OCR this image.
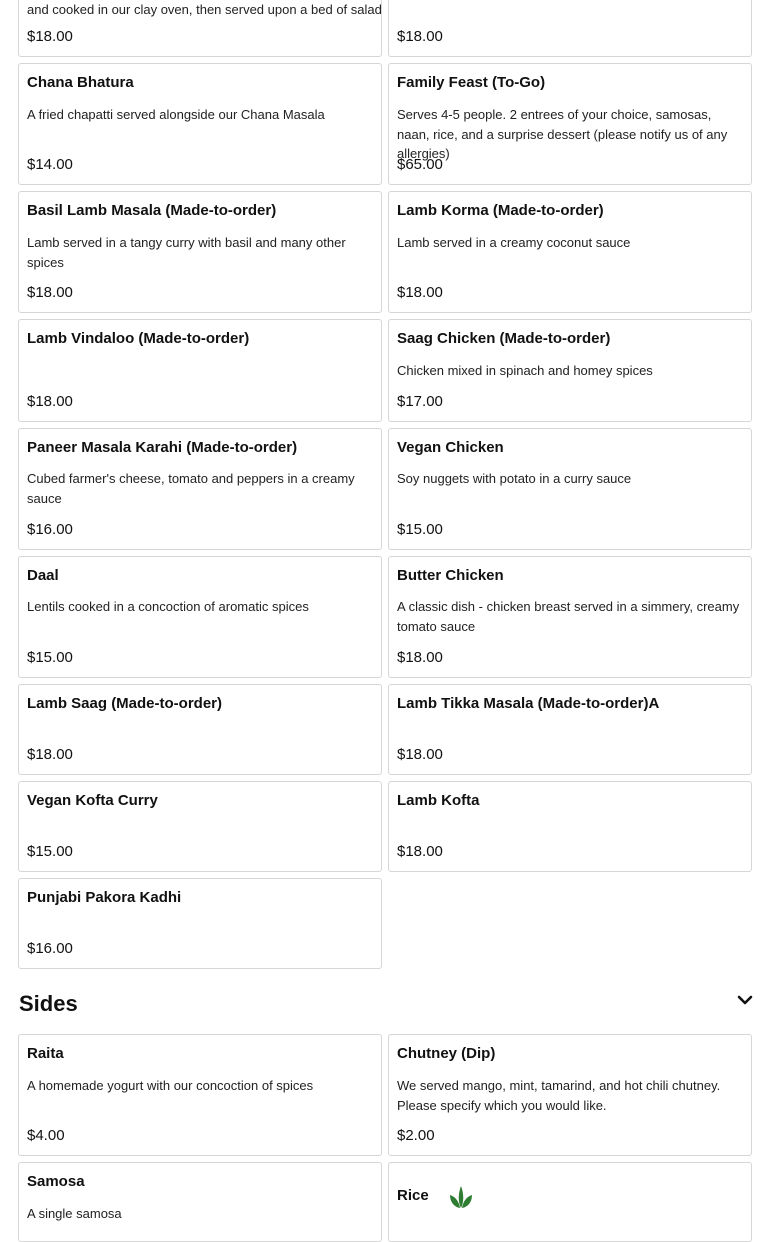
and cooked in our clay oven, then served upon a bed of salad
$18.00	$18.00
Chana Bhatura
A fried chapatti served alongside our Chana Masala
$14.00
Family Feast (To-Go)
Serves 4-5 people. 2 entrees of your choice, samosas, naan, rice, and a surprise dessert (please notify us of any allergies)
$65.00
Basil Lamb Masala (Made-to-order)
Lamb served in a tangy curry with basil and many other spices
$18.00
Lamb Korma (Made-to-order)
Lamb served in a creamy coconut sauce
$18.00
Lamb Vindaloo (Made-to-order)
$18.00
Saag Chicken (Made-to-order)
Chicken mixed in spinach and homey spices
$17.00
Paneer Masala Karahi (Made-to-order)
Cubed farmer's cheese, tomato and peppers in a creamy sauce
$16.00
Vegan Chicken
Soy nuggets with potato in a curry sauce
$15.00
Daal
Lentils cooked in a concoction of aromatic spices
$15.00
Butter Chicken
A classic dish - chicken breast served in a simmery, creamy tomato sauce
$18.00
Lamb Saag (Made-to-order)
$18.00
Lamb Tikka Masala (Made-to-order)A
$18.00
Vegan Kofta Curry
$15.00
Lamb Kofta
$18.00
Punjabi Pakora Kadhi
$16.00
Sides
Raita
A homemade yogurt with our concoction of spices
$4.00
Chutney (Dip)
We served mango, mint, tamarind, and hot chili chutney. Please specify which you would like.
$2.00
Samosa
A single samosa
Rice
